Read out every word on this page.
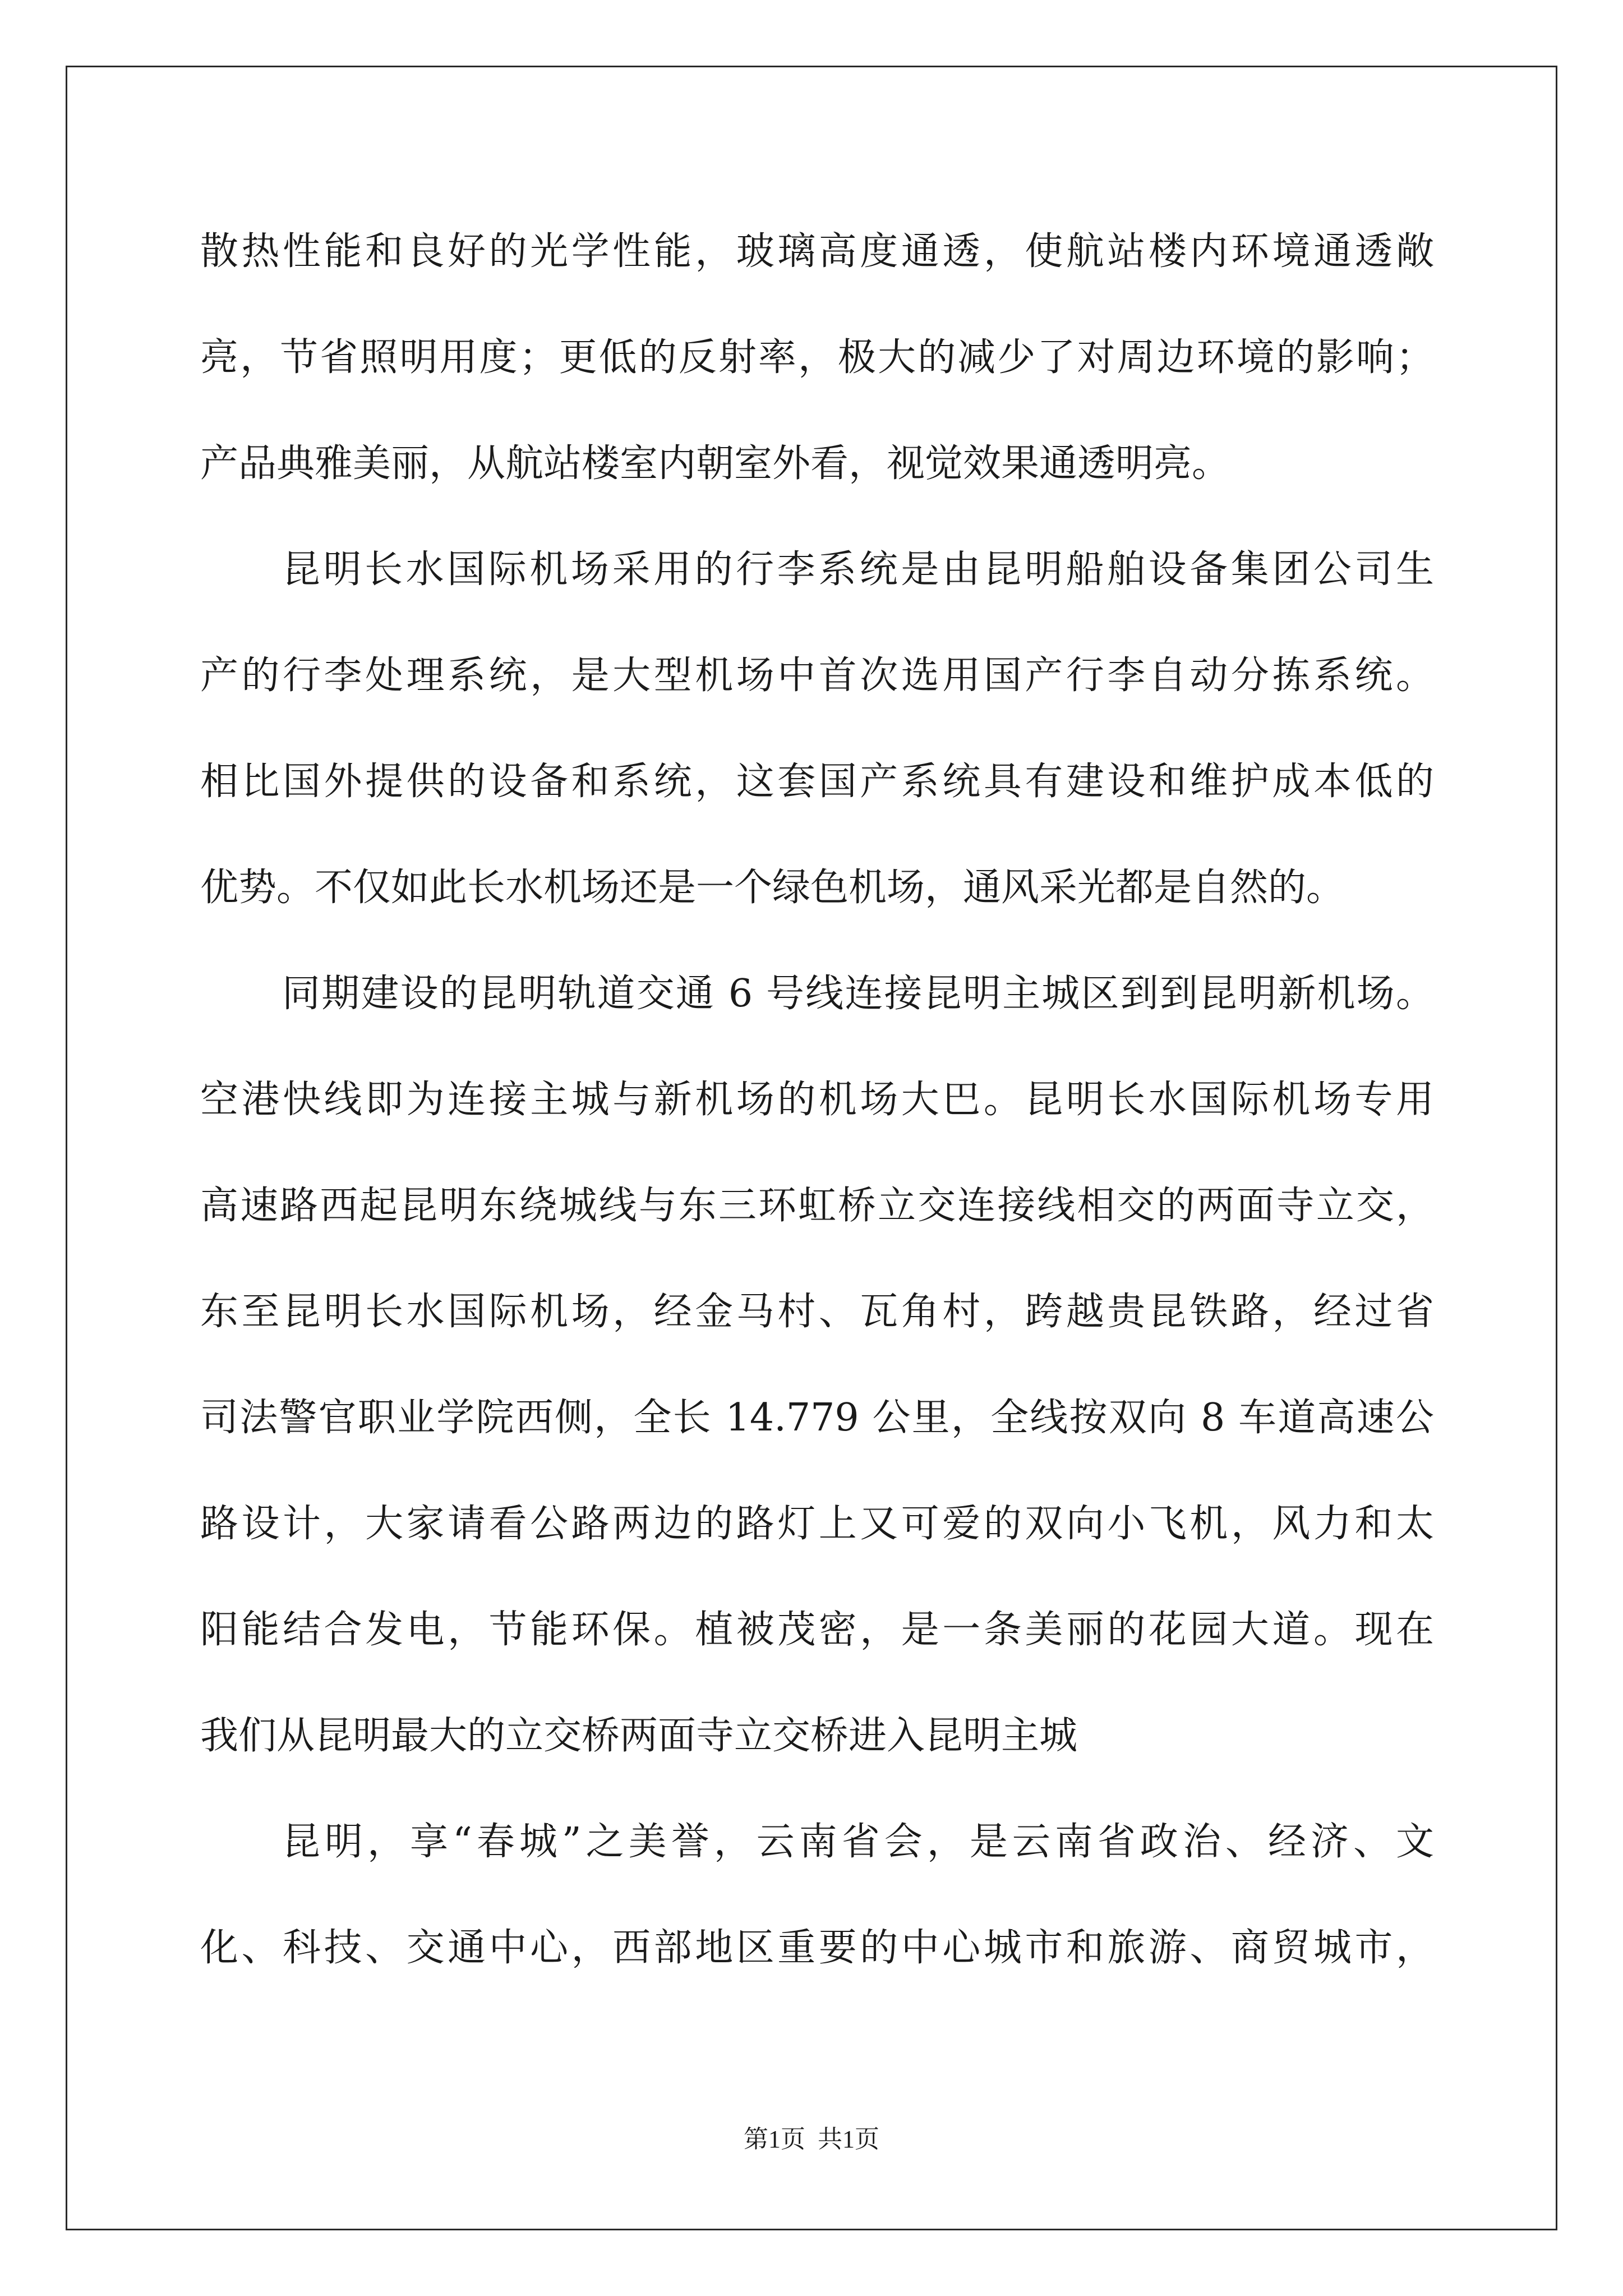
散热性能和良好的光学性能，玻璃高度通透，使航站楼内环境通透敞
亮，节省照明用度；更低的反射率，极大的减少了对周边环境的影响；
产品典雅美丽，从航站楼室内朝室外看，视觉效果通透明亮。
昆明长水国际机场采用的行李系统是由昆明船舶设备集团公司生
产的行李处理系统，是大型机场中首次选用国产行李自动分拣系统。
相比国外提供的设备和系统，这套国产系统具有建设和维护成本低的
优势。不仅如此长水机场还是一个绿色机场，通风采光都是自然的。
同期建设的昆明轨道交通 6 号线连接昆明主城区到到昆明新机场。
空港快线即为连接主城与新机场的机场大巴。昆明长水国际机场专用
高速路西起昆明东绕城线与东三环虹桥立交连接线相交的两面寺立交，
东至昆明长水国际机场，经金马村、瓦角村，跨越贵昆铁路，经过省
司法警官职业学院西侧，全长 14.779 公里，全线按双向 8 车道高速公
路设计，大家请看公路两边的路灯上又可爱的双向小飞机，风力和太
阳能结合发电，节能环保。植被茂密，是一条美丽的花园大道。现在
我们从昆明最大的立交桥两面寺立交桥进入昆明主城
昆明，享“春城”之美誉，云南省会，是云南省政治、经济、文
化、科技、交通中心，西部地区重要的中心城市和旅游、商贸城市，
第1页  共1页
